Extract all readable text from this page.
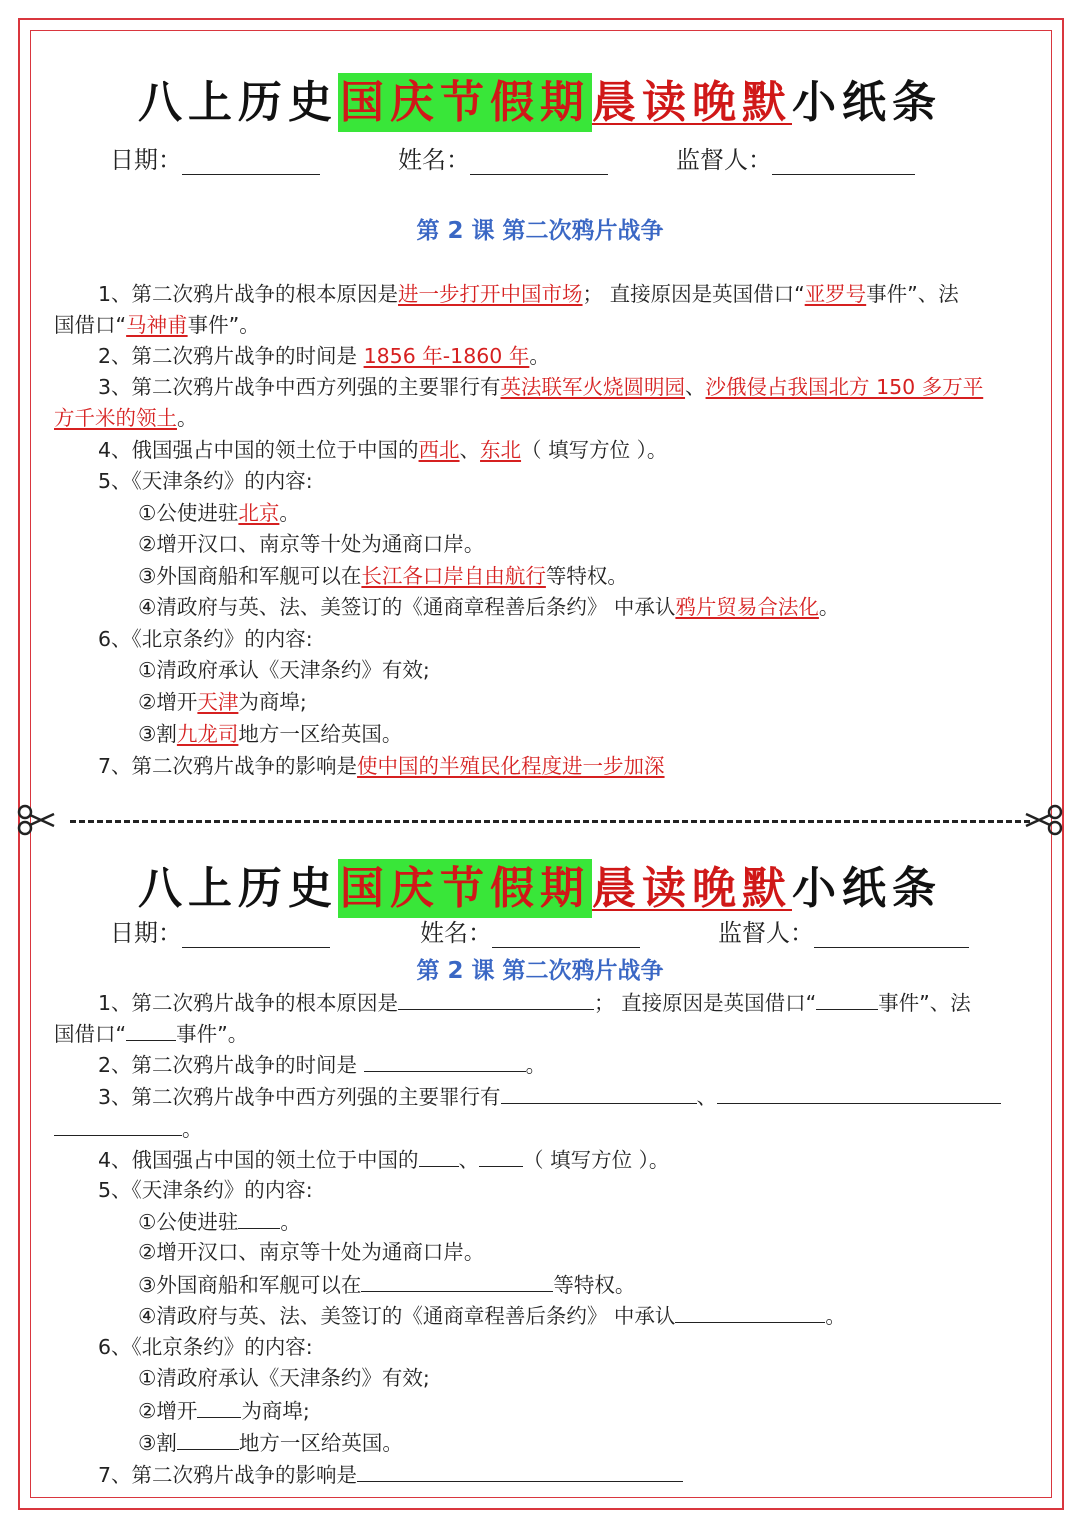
八上历史国庆节假期晨读晚默小纸条
日期：	姓名：	监督人：
第 2 课 第二次鸦片战争
1、第二次鸦片战争的根本原因是进一步打开中国市场； 直接原因是英国借口“亚罗号事件”、法
国借口“马神甫事件”。
2、第二次鸦片战争的时间是 1856 年-1860 年。
3、第二次鸦片战争中西方列强的主要罪行有英法联军火烧圆明园、沙俄侵占我国北方 150 多万平
方千米的领土。
4、俄国强占中国的领土位于中国的西北、东北（ 填写方位 ）。
5、《天津条约》的内容:
①公使进驻北京。
②增开汉口、南京等十处为通商口岸。
③外国商船和军舰可以在长江各口岸自由航行等特权。
④清政府与英、法、美签订的《通商章程善后条约》 中承认鸦片贸易合法化。
6、《北京条约》的内容:
①清政府承认《天津条约》有效;
②增开天津为商埠;
③割九龙司地方一区给英国。
7、第二次鸦片战争的影响是使中国的半殖民化程度进一步加深
八上历史国庆节假期晨读晚默小纸条
日期：	姓名：	监督人：
第 2 课 第二次鸦片战争
1、第二次鸦片战争的根本原因是	； 直接原因是英国借口“	事件”、法
国借口“ 事件”。
2、第二次鸦片战争的时间是	。
3、第二次鸦片战争中西方列强的主要罪行有	、
。
4、俄国强占中国的领土位于中国的 、 （ 填写方位 ）。
5、《天津条约》的内容:
①公使进驻 。
②增开汉口、南京等十处为通商口岸。
③外国商船和军舰可以在	等特权。
④清政府与英、法、美签订的《通商章程善后条约》 中承认	。
6、《北京条约》的内容:
①清政府承认《天津条约》有效;
②增开 为商埠;
③割	地方一区给英国。
7、第二次鸦片战争的影响是
